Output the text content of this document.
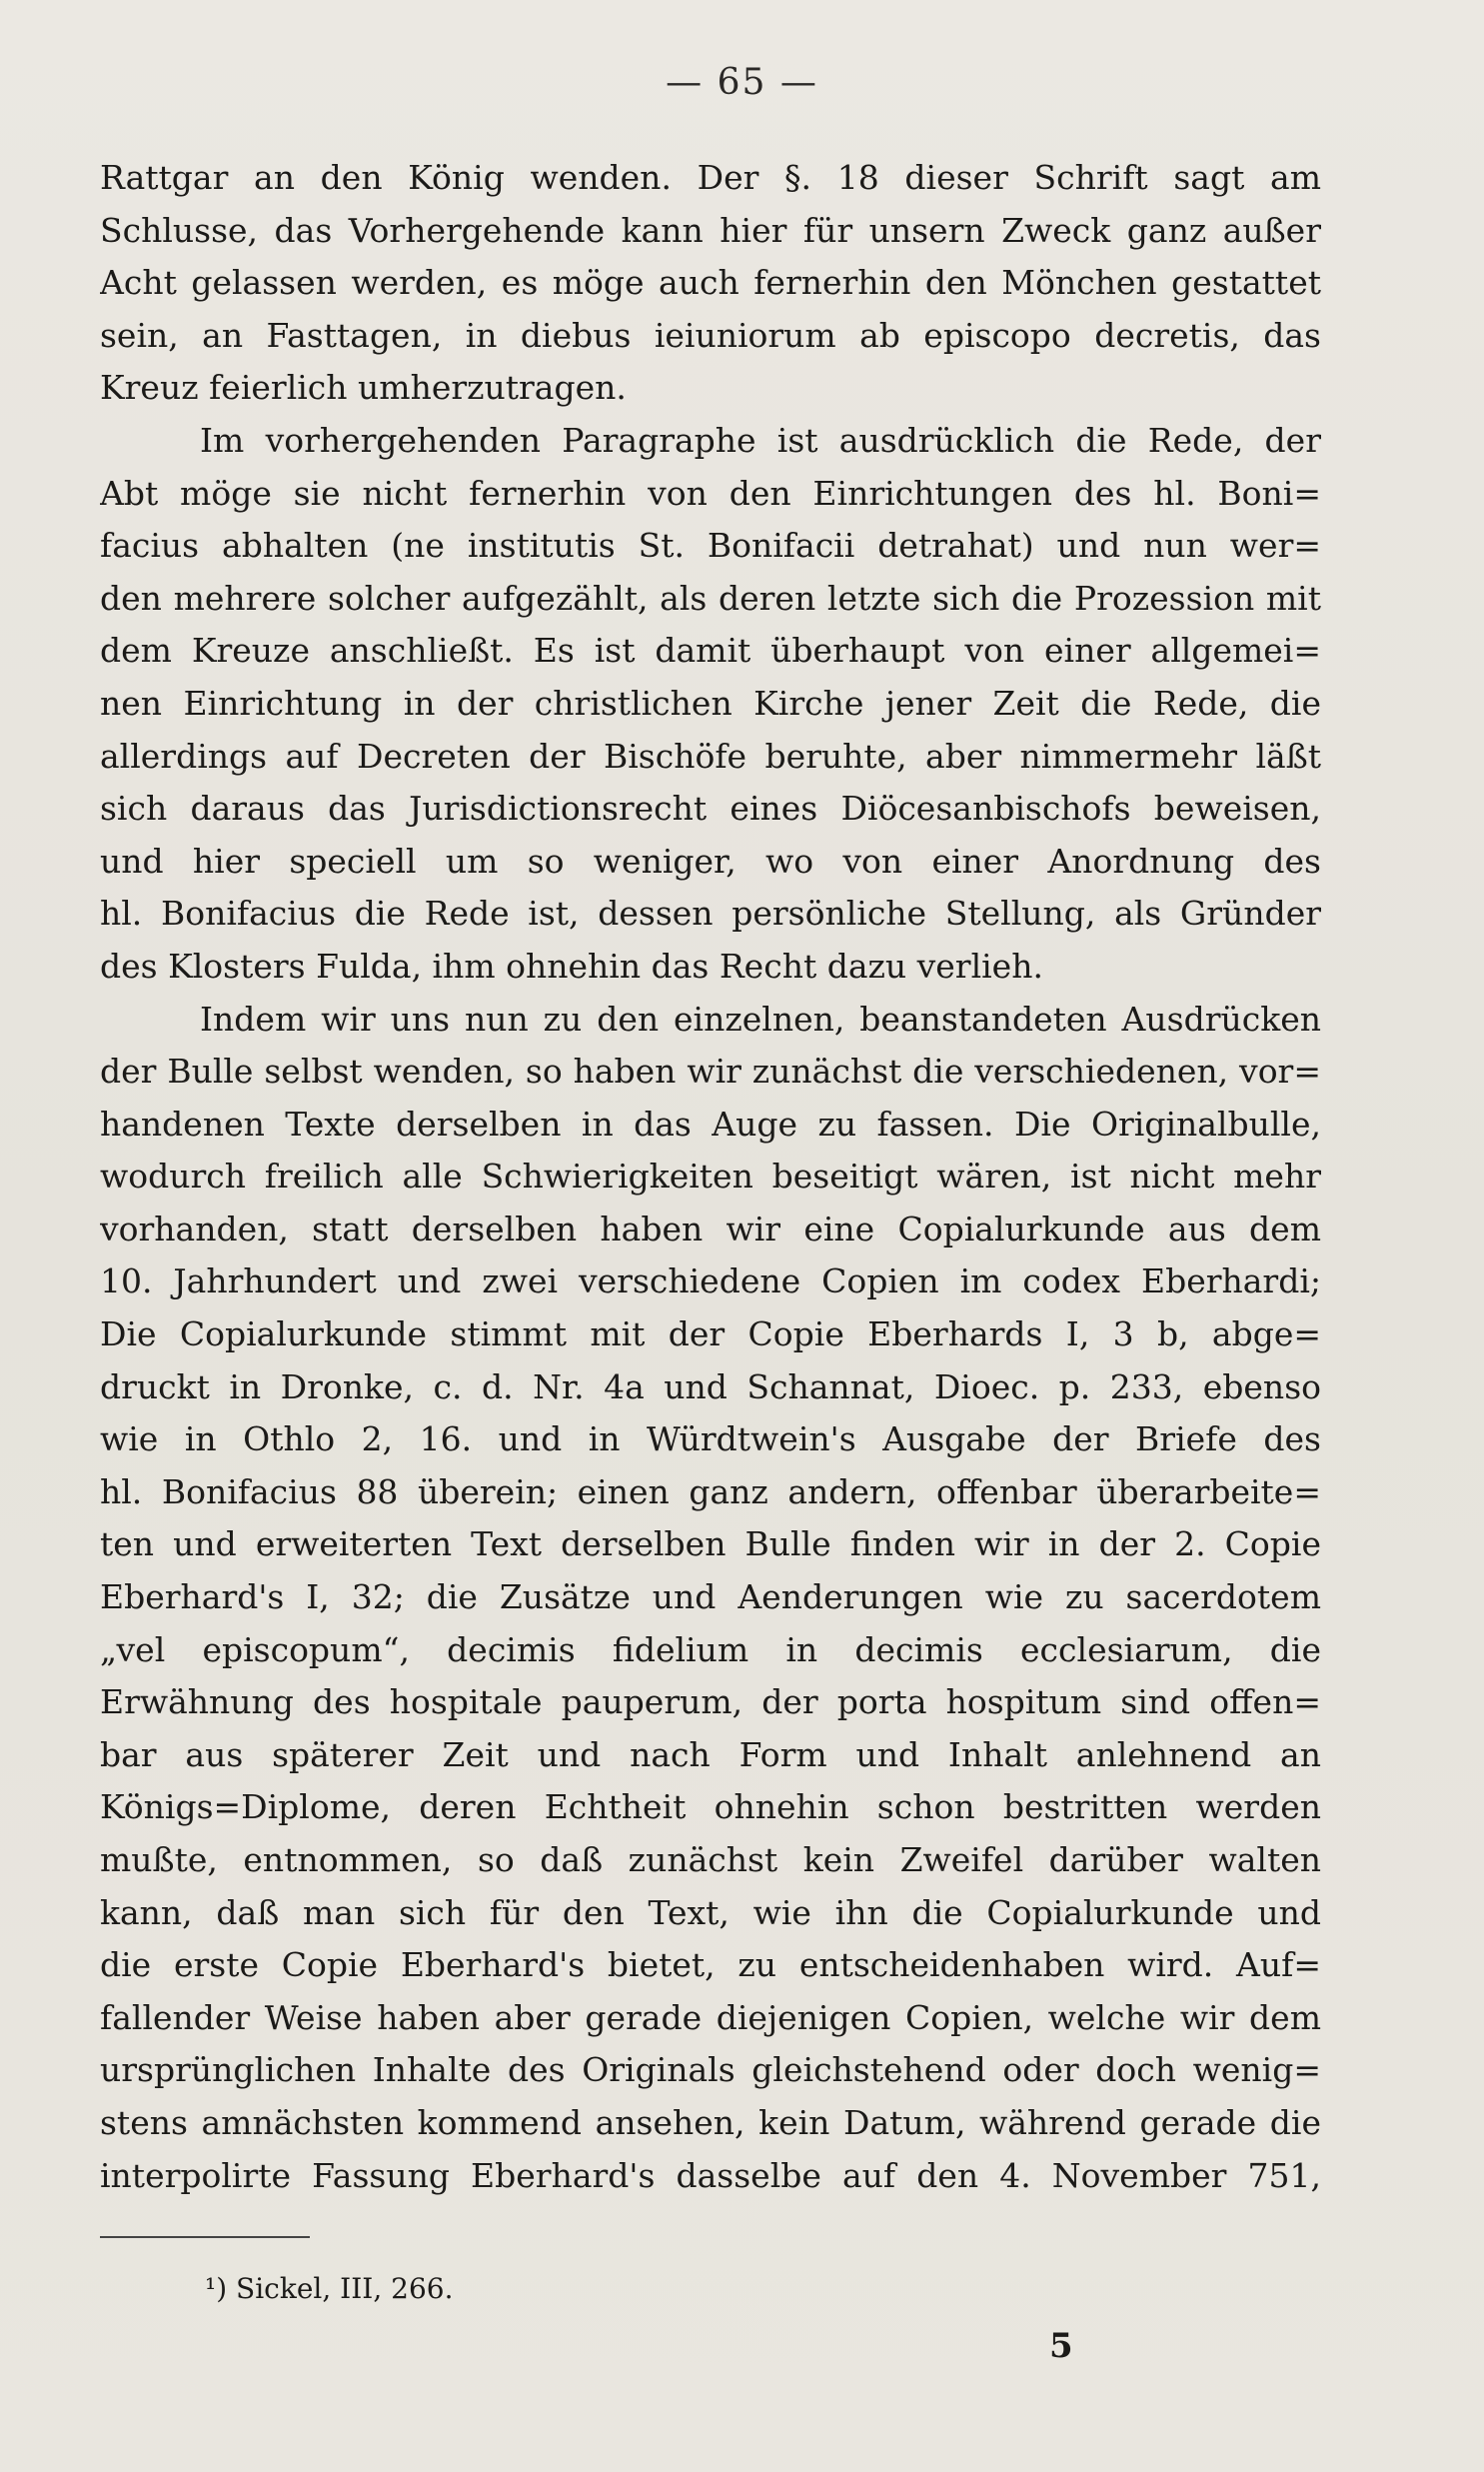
— 65 —
Rattgar an den König wenden. Der §. 18 dieser Schrift sagt am
Schlusse, das Vorhergehende kann hier für unsern Zweck ganz außer
Acht gelassen werden, es möge auch fernerhin den Mönchen gestattet
sein, an Fasttagen, in diebus ieiuniorum ab episcopo decretis, das
Kreuz feierlich umherzutragen.
Im vorhergehenden Paragraphe ist ausdrücklich die Rede, der
Abt möge sie nicht fernerhin von den Einrichtungen des hl. Boni=
facius abhalten (ne institutis St. Bonifacii detrahat) und nun wer=
den mehrere solcher aufgezählt, als deren letzte sich die Prozession mit
dem Kreuze anschließt. Es ist damit überhaupt von einer allgemei=
nen Einrichtung in der christlichen Kirche jener Zeit die Rede, die
allerdings auf Decreten der Bischöfe beruhte, aber nimmermehr läßt
sich daraus das Jurisdictionsrecht eines Diöcesanbischofs beweisen,
und hier speciell um so weniger, wo von einer Anordnung des
hl. Bonifacius die Rede ist, dessen persönliche Stellung, als Gründer
des Klosters Fulda, ihm ohnehin das Recht dazu verlieh.
Indem wir uns nun zu den einzelnen, beanstandeten Ausdrücken
der Bulle selbst wenden, so haben wir zunächst die verschiedenen, vor=
handenen Texte derselben in das Auge zu fassen. Die Originalbulle,
wodurch freilich alle Schwierigkeiten beseitigt wären, ist nicht mehr
vorhanden, statt derselben haben wir eine Copialurkunde aus dem
10. Jahrhundert und zwei verschiedene Copien im codex Eberhardi;
Die Copialurkunde stimmt mit der Copie Eberhards I, 3 b, abge=
druckt in Dronke, c. d. Nr. 4a und Schannat, Dioec. p. 233, ebenso
wie in Othlo 2, 16. und in Würdtwein's Ausgabe der Briefe des
hl. Bonifacius 88 überein; einen ganz andern, offenbar überarbeite=
ten und erweiterten Text derselben Bulle finden wir in der 2. Copie
Eberhard's I, 32; die Zusätze und Aenderungen wie zu sacerdotem
„vel episcopum“, decimis fidelium in decimis ecclesiarum, die
Erwähnung des hospitale pauperum, der porta hospitum sind offen=
bar aus späterer Zeit und nach Form und Inhalt anlehnend an
Königs=Diplome, deren Echtheit ohnehin schon bestritten werden
mußte, entnommen, so daß zunächst kein Zweifel darüber walten
kann, daß man sich für den Text, wie ihn die Copialurkunde und
die erste Copie Eberhard's bietet, zu entscheidenhaben wird. Auf=
fallender Weise haben aber gerade diejenigen Copien, welche wir dem
ursprünglichen Inhalte des Originals gleichstehend oder doch wenig=
stens amnächsten kommend ansehen, kein Datum, während gerade die
interpolirte Fassung Eberhard's dasselbe auf den 4. November 751,
¹) Sickel, III, 266.
5
